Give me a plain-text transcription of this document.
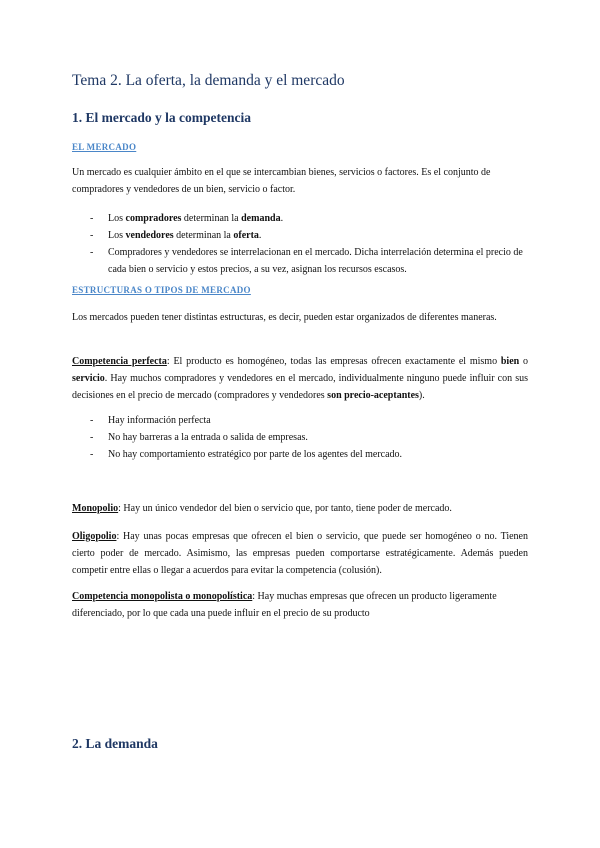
Tema 2. La oferta, la demanda y el mercado
1. El mercado y la competencia
EL MERCADO

Un mercado es cualquier ámbito en el que se intercambian bienes, servicios o factores. Es el conjunto de compradores y vendedores de un bien, servicio o factor.

- Los compradores determinan la demanda.
- Los vendedores determinan la oferta.
- Compradores y vendedores se interrelacionan en el mercado. Dicha interrelación determina el precio de cada bien o servicio y estos precios, a su vez, asignan los recursos escasos.
ESTRUCTURAS O TIPOS DE MERCADO

Los mercados pueden tener distintas estructuras, es decir, pueden estar organizados de diferentes maneras.

Competencia perfecta: El producto es homogéneo, todas las empresas ofrecen exactamente el mismo bien o servicio. Hay muchos compradores y vendedores en el mercado, individualmente ninguno puede influir con sus decisiones en el precio de mercado (compradores y vendedores son precio-aceptantes).

- Hay información perfecta
- No hay barreras a la entrada o salida de empresas.
- No hay comportamiento estratégico por parte de los agentes del mercado.

Monopolio: Hay un único vendedor del bien o servicio que, por tanto, tiene poder de mercado.

Oligopolio: Hay unas pocas empresas que ofrecen el bien o servicio, que puede ser homogéneo o no. Tienen cierto poder de mercado. Asimismo, las empresas pueden comportarse estratégicamente. Además pueden competir entre ellas o llegar a acuerdos para evitar la competencia (colusión).

Competencia monopolista o monopolística: Hay muchas empresas que ofrecen un producto ligeramente diferenciado, por lo que cada una puede influir en el precio de su producto

2. La demanda
